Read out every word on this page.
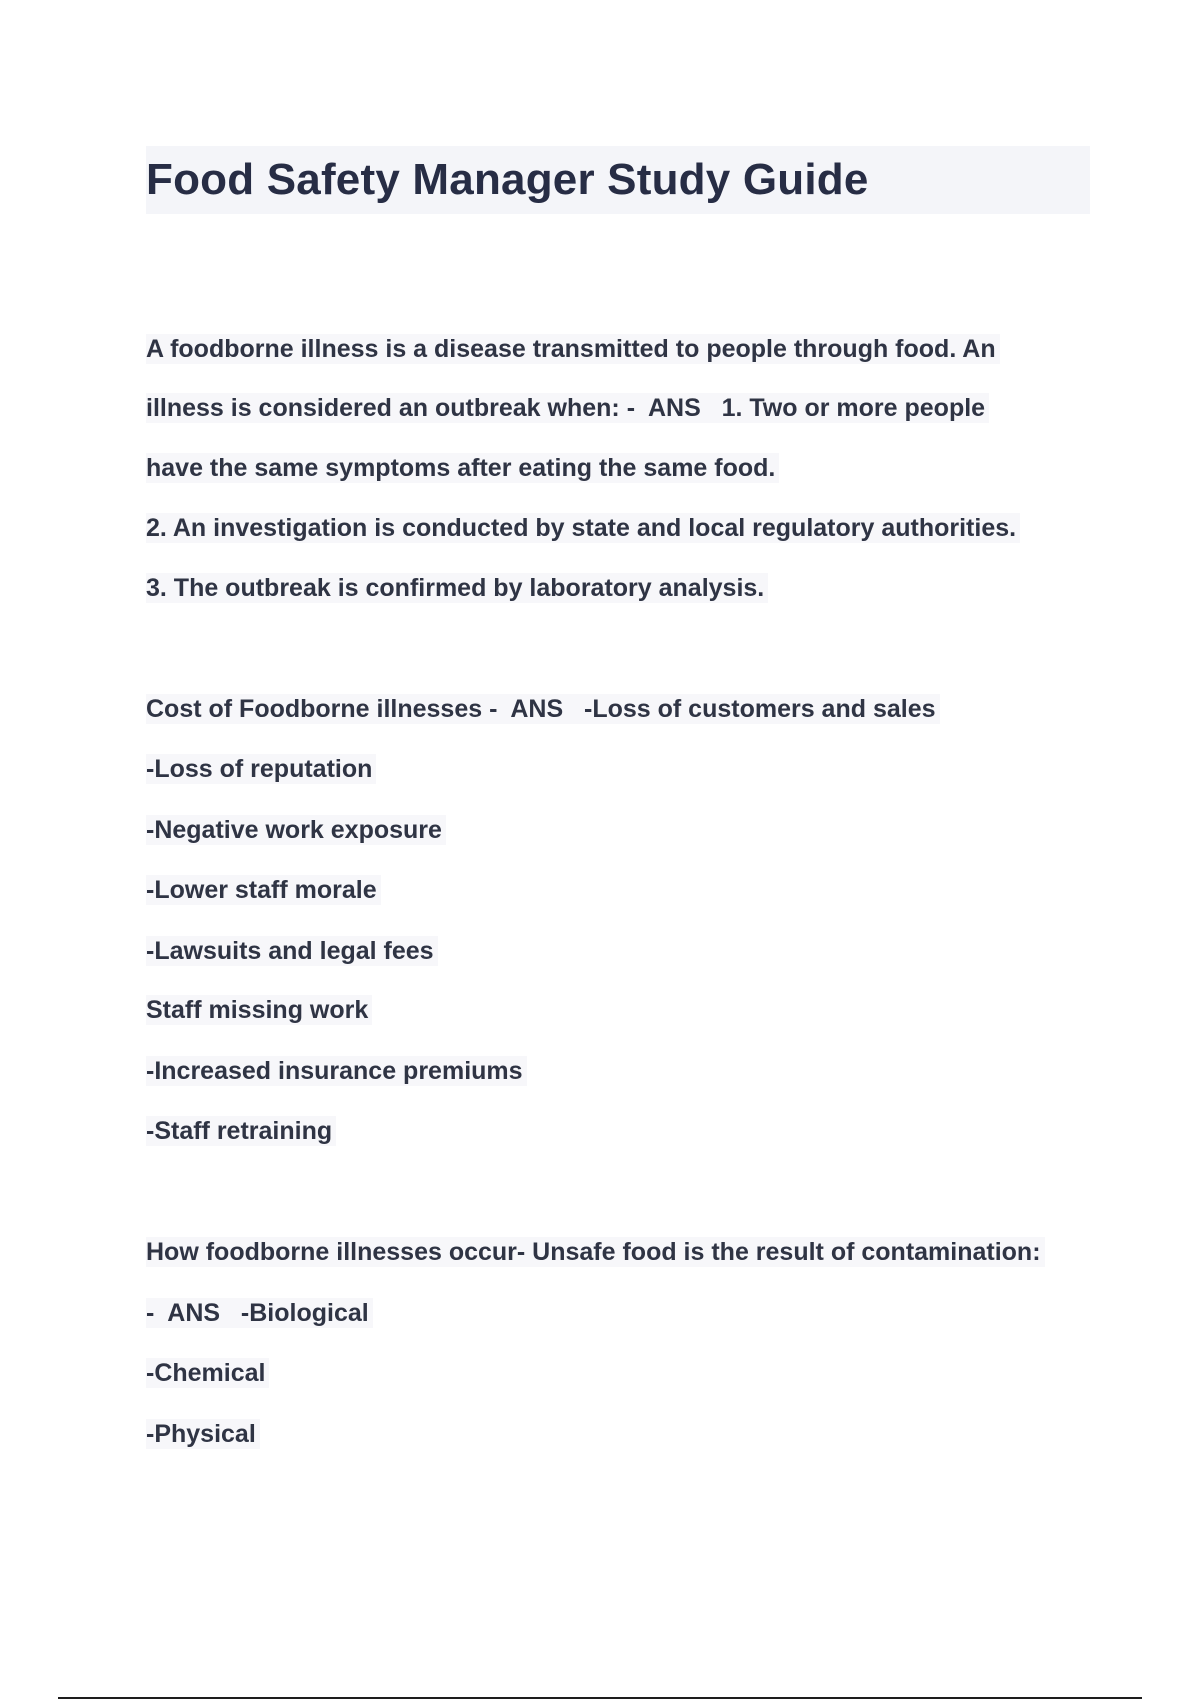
Food Safety Manager Study Guide
A foodborne illness is a disease transmitted to people through food. An
illness is considered an outbreak when: -  ANS   1. Two or more people
have the same symptoms after eating the same food.
2. An investigation is conducted by state and local regulatory authorities.
3. The outbreak is confirmed by laboratory analysis.
Cost of Foodborne illnesses -  ANS   -Loss of customers and sales
-Loss of reputation
-Negative work exposure
-Lower staff morale
-Lawsuits and legal fees
Staff missing work
-Increased insurance premiums
-Staff retraining
How foodborne illnesses occur- Unsafe food is the result of contamination:
-  ANS   -Biological
-Chemical
-Physical
